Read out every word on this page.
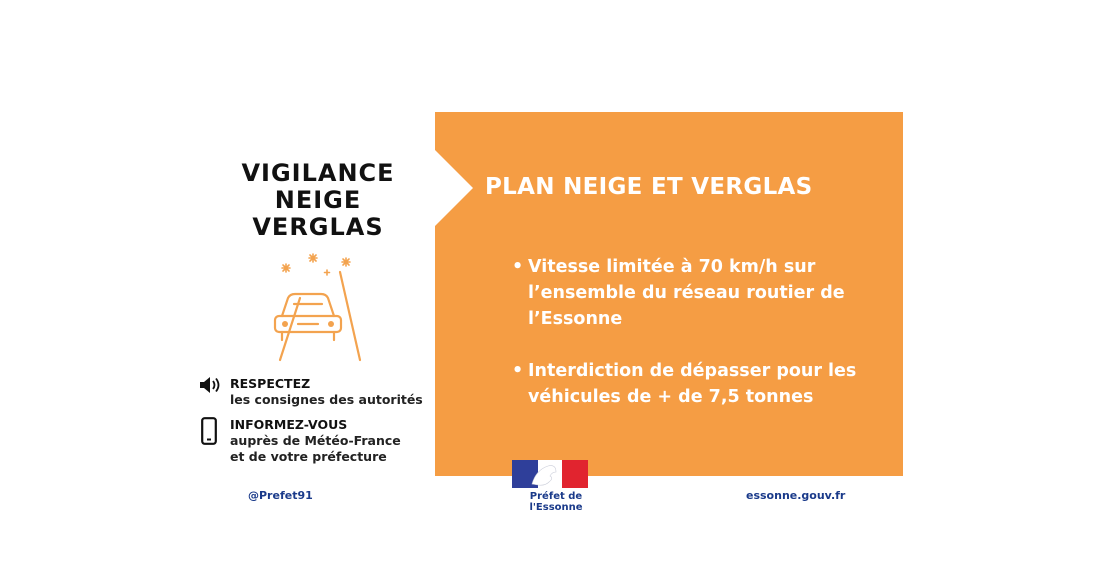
VIGILANCE
NEIGE
VERGLAS
RESPECTEZ
les consignes des autorités
INFORMEZ-VOUS
auprès de Météo-France
et de votre préfecture
@Prefet91
PLAN NEIGE ET VERGLAS
• Vitesse limitée à 70 km/h sur l’ensemble du réseau routier de l’Essonne
• Interdiction de dépasser pour les véhicules de + de 7,5 tonnes
Préfet de l'Essonne
essonne.gouv.fr
